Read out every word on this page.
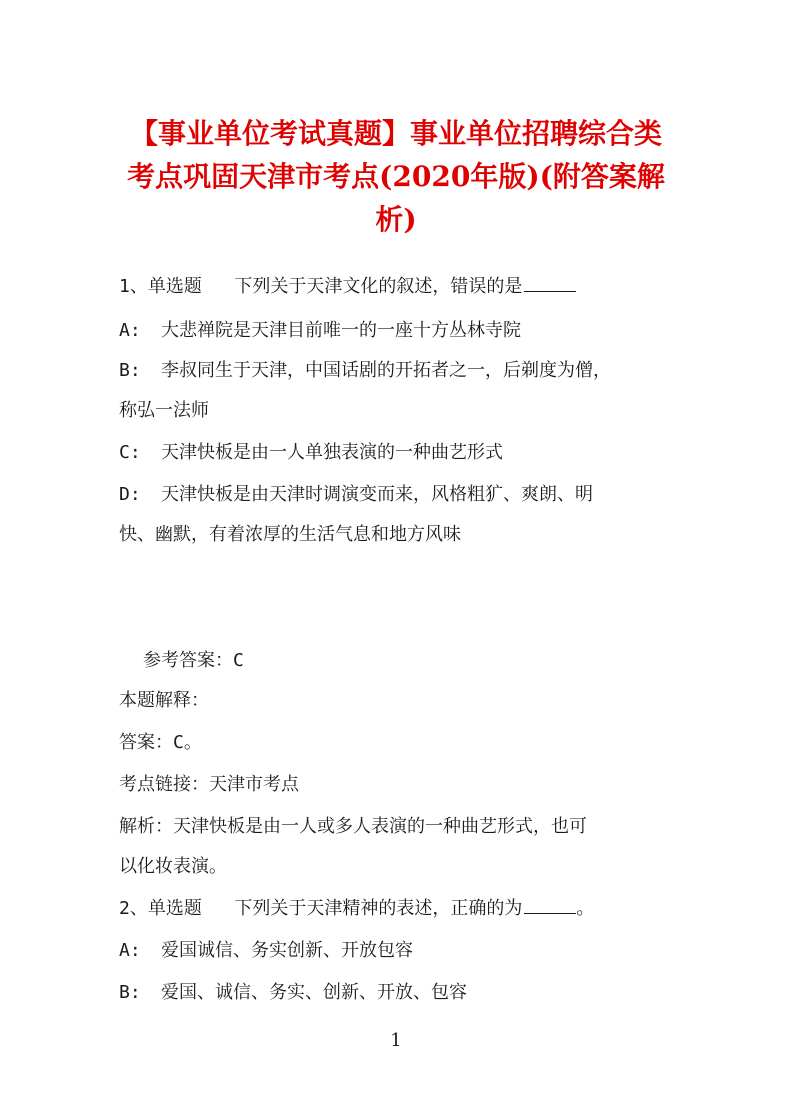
【事业单位考试真题】事业单位招聘综合类
考点巩固天津市考点(2020年版)(附答案解
析)

1、单选题   下列关于天津文化的叙述，错误的是

A: 大悲禅院是天津目前唯一的一座十方丛林寺院

B: 李叔同生于天津，中国话剧的开拓者之一，后剃度为僧，

称弘一法师

C: 天津快板是由一人单独表演的一种曲艺形式

D: 天津快板是由天津时调演变而来，风格粗犷、爽朗、明

快、幽默，有着浓厚的生活气息和地方风味

参考答案：C

本题解释：

答案：C。

考点链接：天津市考点

解析：天津快板是由一人或多人表演的一种曲艺形式，也可

以化妆表演。

2、单选题   下列关于天津精神的表述，正确的为	。

A: 爱国诚信、务实创新、开放包容

B: 爱国、诚信、务实、创新、开放、包容

1
